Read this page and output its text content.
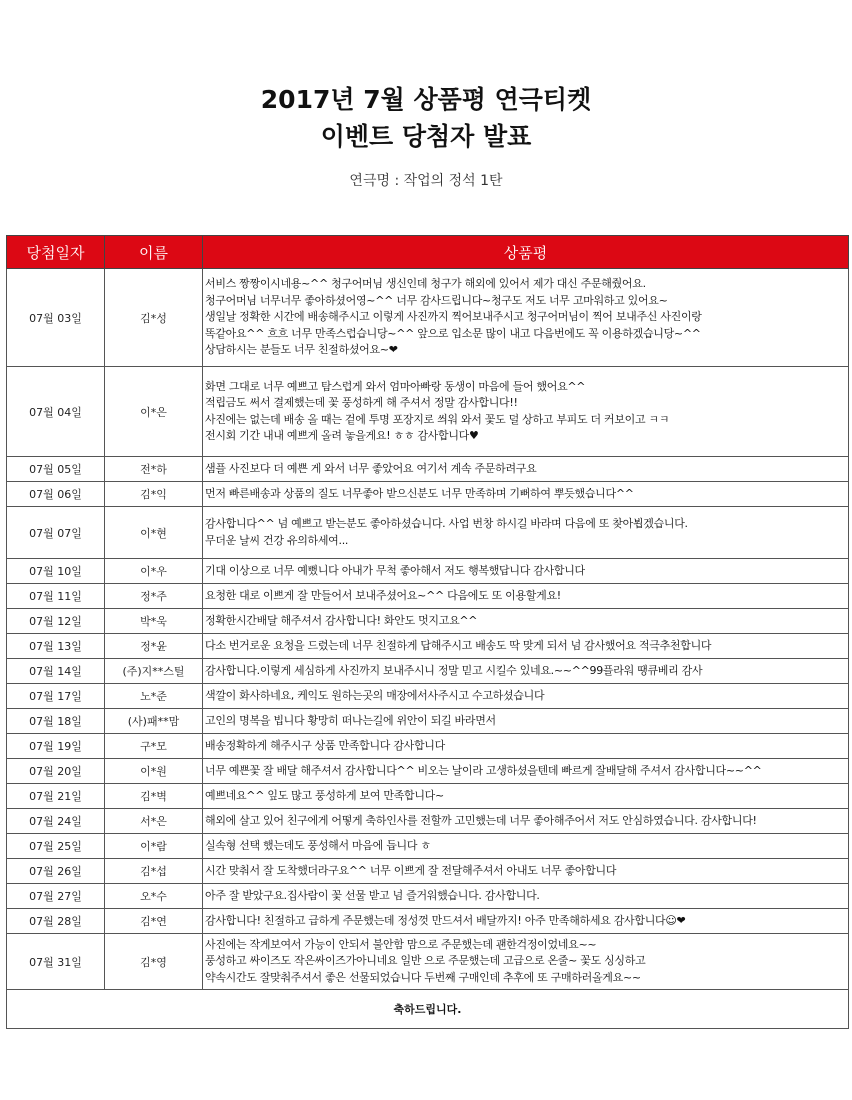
2017년 7월 상품평 연극티켓
이벤트 당첨자 발표
연극명 : 작업의 정석 1탄
당첨일자	이름	상품평
07월 03일	김*성	서비스 짱짱이시네용~^^ 청구어머님 생신인데 청구가 해외에 있어서 제가 대신 주문해줬어요.
청구어머님 너무너무 좋아하셨어영~^^ 너무 감사드립니다~청구도 저도 너무 고마워하고 있어요~
생일날 정확한 시간에 배송해주시고 이렇게 사진까지 찍어보내주시고 청구어머님이 찍어 보내주신 사진이랑
똑같아요^^ 흐흐 너무 만족스럽습니당~^^ 앞으로 입소문 많이 내고 다음번에도 꼭 이용하겠습니당~^^
상담하시는 분들도 너무 친절하셨어요~❤
07월 04일	이*은	화면 그대로 너무 예쁘고 탐스럽게 와서 엄마아빠랑 동생이 마음에 들어 했어요^^
적립금도 써서 결제했는데 꽃 풍성하게 해 주셔서 정말 감사합니다!!
사진에는 없는데 배송 올 때는 겉에 투명 포장지로 씌워 와서 꽃도 덜 상하고 부피도 더 커보이고 ㅋㅋ
전시회 기간 내내 예쁘게 올려 놓을게요! ㅎㅎ 감사합니다♥
07월 05일	전*하	샘플 사진보다 더 예쁜 게 와서 너무 좋았어요 여기서 계속 주문하려구요
07월 06일	김*익	먼저 빠른배송과 상품의 질도 너무좋아 받으신분도 너무 만족하며 기뻐하여 뿌듯했습니다^^
07월 07일	이*현	감사합니다^^ 넘 예쁘고 받는분도 좋아하셨습니다. 사업 번창 하시길 바라며 다음에 또 찾아뵙겠습니다.
무더운 날씨 건강 유의하세여...
07월 10일	이*우	기대 이상으로 너무 예뻤니다 아내가 무척 좋아해서 저도 행복했답니다 감사합니다
07월 11일	정*주	요청한 대로 이쁘게 잘 만들어서 보내주셨어요~^^ 다음에도 또 이용할게요!
07월 12일	박*욱	정확한시간배달 해주셔서 감사합니다! 화안도 멋지고요^^
07월 13일	정*윤	다소 번거로운 요청을 드렸는데 너무 친절하게 답해주시고 배송도 딱 맞게 되서 넘 감사했어요 적극추천합니다
07월 14일	(주)지**스틸	감사합니다.이렇게 세심하게 사진까지 보내주시니 정말 믿고 시킬수 있네요.~~^^99플라워 땡큐베리 감사
07월 17일	노*준	색깔이 화사하네요, 케익도 원하는곳의 매장에서사주시고 수고하셨습니다
07월 18일	(사)패**맘	고인의 명복을 빕니다 황망히 떠나는길에 위안이 되길 바라면서
07월 19일	구*모	배송정확하게 해주시구 상품 만족합니다 감사합니다
07월 20일	이*원	너무 예쁜꽃 잘 배달 해주셔서 감사합니다^^ 비오는 날이라 고생하셨을텐데 빠르게 잘배달해 주셔서 감사합니다~~^^
07월 21일	김*벽	예쁘네요^^ 잎도 많고 풍성하게 보여 만족합니다~
07월 24일	서*은	해외에 살고 있어 친구에게 어떻게 축하인사를 전할까 고민했는데 너무 좋아해주어서 저도 안심하였습니다. 감사합니다!
07월 25일	이*람	실속형 선택 했는데도 풍성해서 마음에 듭니다 ㅎ
07월 26일	김*섭	시간 맞춰서 잘 도착했더라구요^^ 너무 이쁘게 잘 전달해주셔서 아내도 너무 좋아합니다
07월 27일	오*수	아주 잘 받았구요.집사람이 꽃 선물 받고 넘 즐거워했습니다. 감사합니다.
07월 28일	김*연	감사합니다! 친절하고 급하게 주문했는데 정성껏 만드셔서 배달까지! 아주 만족해하세요 감사합니다☺❤
07월 31일	김*영	사진에는 작게보여서 가능이 안되서 불안함 맘으로 주문했는데 괜한걱정이었네요~~
풍성하고 싸이즈도 작은싸이즈가아니네요 일반 으로 주문했는데 고급으로 온줄~ 꽃도 싱싱하고
약속시간도 잘맞춰주셔서 좋은 선물되었습니다 두번째 구매인데 추후에 또 구매하러올게요~~
축하드립니다.		
